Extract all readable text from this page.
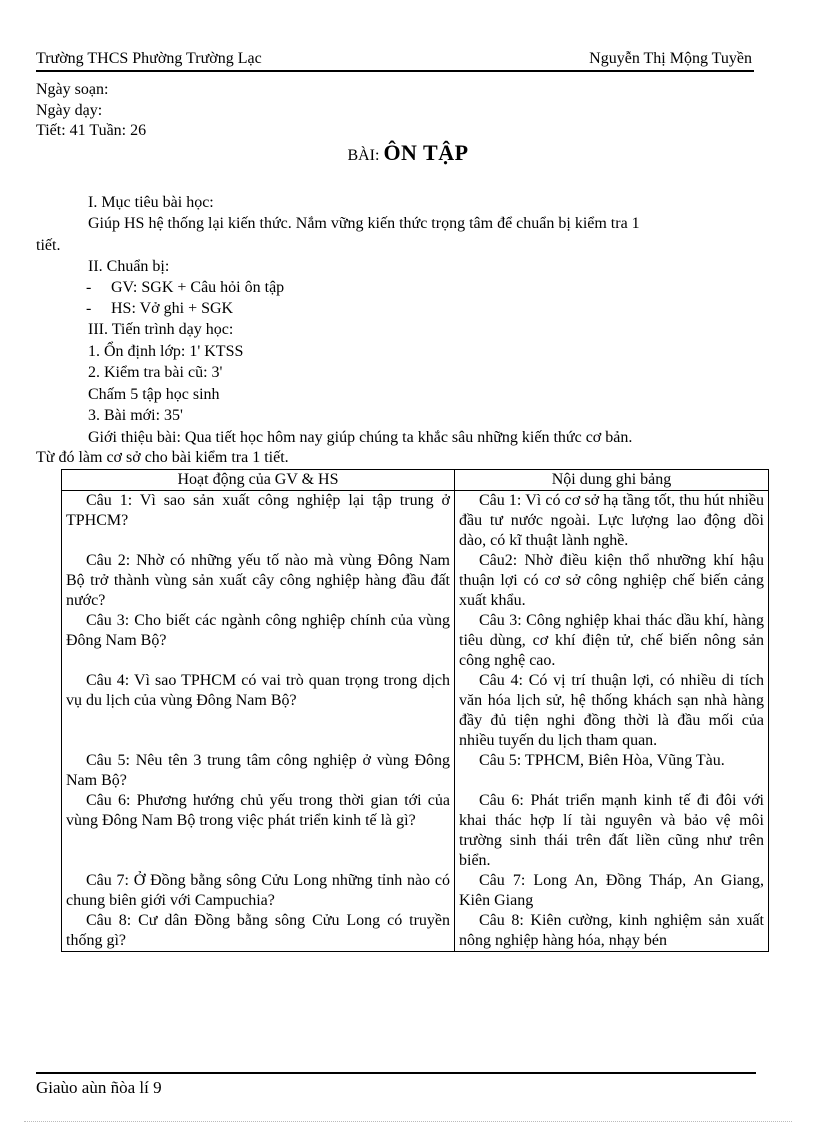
Trường THCS Phường Trường Lạc	Nguyễn Thị Mộng Tuyền
Ngày soạn:
Ngày dạy:
Tiết: 41 Tuần: 26
BÀI: ÔN TẬP
I. Mục tiêu bài học:
Giúp HS hệ thống lại kiến thức. Nắm vững kiến thức trọng tâm để chuẩn bị kiểm tra 1
tiết.
II. Chuẩn bị:
- GV: SGK + Câu hỏi ôn tập
- HS: Vở ghi + SGK
III. Tiến trình dạy học:
1. Ổn định lớp: 1' KTSS
2. Kiểm tra bài cũ: 3'
Chấm 5 tập học sinh
3. Bài mới: 35'
Giới thiệu bài: Qua tiết học hôm nay giúp chúng ta khắc sâu những kiến thức cơ bản.
Từ đó làm cơ sở cho bài kiểm tra 1 tiết.
Hoạt động của GV & HS	Nội dung ghi bảng

Câu 1: Vì sao sản xuất công nghiệp lại tập trung ở TPHCM?	Câu 1: Vì có cơ sở hạ tầng tốt, thu hút nhiều đầu tư nước ngoài. Lực lượng lao động dồi dào, có kĩ thuật lành nghề.

Câu 2: Nhờ có những yếu tố nào mà vùng Đông Nam Bộ trở thành vùng sản xuất cây công nghiệp hàng đầu đất nước?	Câu2: Nhờ điều kiện thổ nhưỡng khí hậu thuận lợi có cơ sở công nghiệp chế biến cảng xuất khẩu.

Câu 3: Cho biết các ngành công nghiệp chính của vùng Đông Nam Bộ?	Câu 3: Công nghiệp khai thác dầu khí, hàng tiêu dùng, cơ khí điện tử, chế biến nông sản công nghệ cao.

Câu 4: Vì sao TPHCM có vai trò quan trọng trong dịch vụ du lịch của vùng Đông Nam Bộ?	Câu 4: Có vị trí thuận lợi, có nhiều di tích văn hóa lịch sử, hệ thống khách sạn nhà hàng đầy đủ tiện nghi đồng thời là đầu mối của nhiều tuyến du lịch tham quan.

Câu 5: Nêu tên 3 trung tâm công nghiệp ở vùng Đông Nam Bộ?	Câu 5: TPHCM, Biên Hòa, Vũng Tàu.

Câu 6: Phương hướng chủ yếu trong thời gian tới của vùng Đông Nam Bộ trong việc phát triển kinh tế là gì?	Câu 6: Phát triển mạnh kinh tế đi đôi với khai thác hợp lí tài nguyên và bảo vệ môi trường sinh thái trên đất liền cũng như trên biển.

Câu 7: Ở Đồng bằng sông Cửu Long những tỉnh nào có chung biên giới với Campuchia?	Câu 7: Long An, Đồng Tháp, An Giang, Kiên Giang

Câu 8: Cư dân Đồng bằng sông Cửu Long có truyền thống gì?	Câu 8: Kiên cường, kinh nghiệm sản xuất nông nghiệp hàng hóa, nhạy bén
Giaùo aùn ñòa lí 9
